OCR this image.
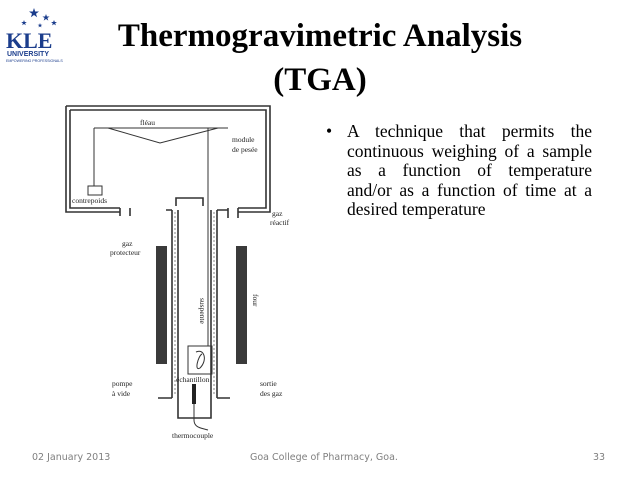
KLE
UNIVERSITY
EMPOWERING PROFESSIONALS
Thermogravimetric Analysis
(TGA)
fléau
module
de pesée
contrepoids
gaz
réactif
gaz
protecteur
suspente	four
échantillon
pompe
à vide
sortie
des gaz
thermocouple
• A technique that permits the continuous weighing of a sample as a function of temperature and/or as a function of time at a desired temperature
02 January 2013	Goa College of Pharmacy, Goa.	33
